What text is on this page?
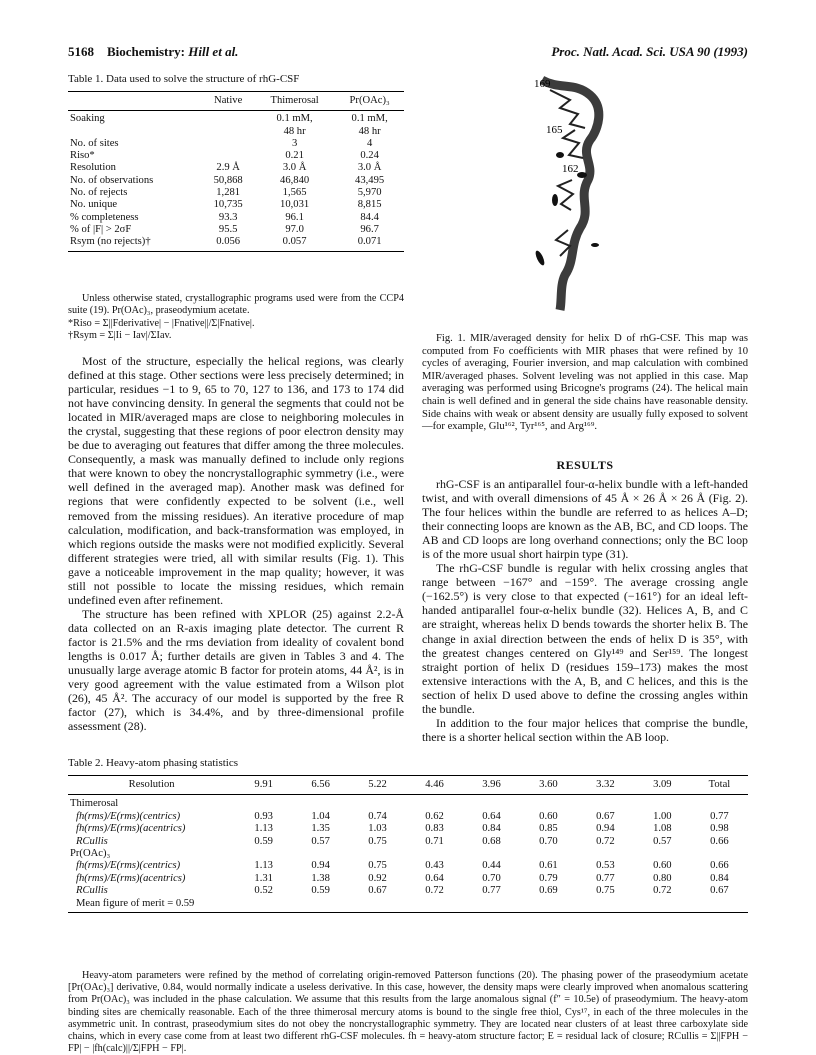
5168 Biochemistry: Hill et al.	Proc. Natl. Acad. Sci. USA 90 (1993)
Table 1. Data used to solve the structure of rhG-CSF
	Native	Thimerosal	Pr(OAc)₃
Soaking		0.1 mM,	0.1 mM,
		48 hr	48 hr
No. of sites		3	4
Riso*		0.21	0.24
Resolution	2.9 Å	3.0 Å	3.0 Å
No. of observations	50,868	46,840	43,495
No. of rejects	1,281	1,565	5,970
No. unique	10,735	10,031	8,815
% completeness	93.3	96.1	84.4
% of |F| > 2σF	95.5	97.0	96.7
Rsym (no rejects)†	0.056	0.057	0.071
Unless otherwise stated, crystallographic programs used were from the CCP4 suite (19). Pr(OAc)₃, praseodymium acetate.
*Riso = Σ||Fderivative| − |Fnative||/Σ|Fnative|.
†Rsym = Σ|Ii − Iav|/ΣIav.

Most of the structure, especially the helical regions, was clearly defined at this stage. Other sections were less precisely determined; in particular, residues −1 to 9, 65 to 70, 127 to 136, and 173 to 174 did not have convincing density. In general the segments that could not be located in MIR/averaged maps are close to neighboring molecules in the crystal, suggesting that these regions of poor electron density may be due to averaging out features that differ among the three molecules. Consequently, a mask was manually defined to include only regions that were known to obey the noncrystallographic symmetry (i.e., were well defined in the averaged map). Another mask was defined for regions that were confidently expected to be solvent (i.e., well removed from the missing residues). An iterative procedure of map calculation, modification, and back-transformation was employed, in which regions outside the masks were not modified explicitly. Several different strategies were tried, all with similar results (Fig. 1). This gave a noticeable improvement in the map quality; however, it was still not possible to locate the missing residues, which remain undefined even after refinement.

The structure has been refined with XPLOR (25) against 2.2-Å data collected on an R-axis imaging plate detector. The current R factor is 21.5% and the rms deviation from ideality of covalent bond lengths is 0.017 Å; further details are given in Tables 3 and 4. The unusually large average atomic B factor for protein atoms, 44 Å², is in very good agreement with the value estimated from a Wilson plot (26), 45 Å². The accuracy of our model is supported by the free R factor (27), which is 34.4%, and by three-dimensional profile assessment (28).

169
165
162
Fig. 1. MIR/averaged density for helix D of rhG-CSF. This map was computed from Fo coefficients with MIR phases that were refined by 10 cycles of averaging, Fourier inversion, and map calculation with combined MIR/averaged phases. Solvent leveling was not applied in this case. Map averaging was performed using Bricogne's programs (24). The helical main chain is well defined and in general the side chains have reasonable density. Side chains with weak or absent density are usually fully exposed to solvent—for example, Glu¹⁶², Tyr¹⁶⁵, and Arg¹⁶⁹.
RESULTS

rhG-CSF is an antiparallel four-α-helix bundle with a left-handed twist, and with overall dimensions of 45 Å × 26 Å × 26 Å (Fig. 2). The four helices within the bundle are referred to as helices A–D; their connecting loops are known as the AB, BC, and CD loops. The AB and CD loops are long overhand connections; only the BC loop is of the more usual short hairpin type (31).

The rhG-CSF bundle is regular with helix crossing angles that range between −167° and −159°. The average crossing angle (−162.5°) is very close to that expected (−161°) for an ideal left-handed antiparallel four-α-helix bundle (32). Helices A, B, and C are straight, whereas helix D bends towards the shorter helix B. The change in axial direction between the ends of helix D is 35°, with the greatest changes centered on Gly¹⁴⁹ and Ser¹⁵⁹. The longest straight portion of helix D (residues 159–173) makes the most extensive interactions with the A, B, and C helices, and this is the section of helix D used above to define the crossing angles within the bundle.

In addition to the four major helices that comprise the bundle, there is a shorter helical section within the AB loop.

Table 2. Heavy-atom phasing statistics
Resolution	9.91	6.56	5.22	4.46	3.96	3.60	3.32	3.09	Total
Thimerosal									
fh(rms)/E(rms)(centrics)	0.93	1.04	0.74	0.62	0.64	0.60	0.67	1.00	0.77
fh(rms)/E(rms)(acentrics)	1.13	1.35	1.03	0.83	0.84	0.85	0.94	1.08	0.98
RCullis	0.59	0.57	0.75	0.71	0.68	0.70	0.72	0.57	0.66
Pr(OAc)₃									
fh(rms)/E(rms)(centrics)	1.13	0.94	0.75	0.43	0.44	0.61	0.53	0.60	0.66
fh(rms)/E(rms)(acentrics)	1.31	1.38	0.92	0.64	0.70	0.79	0.77	0.80	0.84
RCullis	0.52	0.59	0.67	0.72	0.77	0.69	0.75	0.72	0.67
Mean figure of merit = 0.59									
Heavy-atom parameters were refined by the method of correlating origin-removed Patterson functions (20). The phasing power of the praseodymium acetate [Pr(OAc)₃] derivative, 0.84, would normally indicate a useless derivative. In this case, however, the density maps were clearly improved when anomalous scattering from Pr(OAc)₃ was included in the phase calculation. We assume that this results from the large anomalous signal (f″ = 10.5e) of praseodymium. The heavy-atom binding sites are chemically reasonable. Each of the three thimerosal mercury atoms is bound to the single free thiol, Cys¹⁷, in each of the three molecules in the asymmetric unit. In contrast, praseodymium sites do not obey the noncrystallographic symmetry. They are located near clusters of at least three carboxylate side chains, which in every case come from at least two different rhG-CSF molecules. fh = heavy-atom structure factor; E = residual lack of closure; RCullis = Σ||FPH − FP| − |fh(calc)||/Σ|FPH − FP|.
